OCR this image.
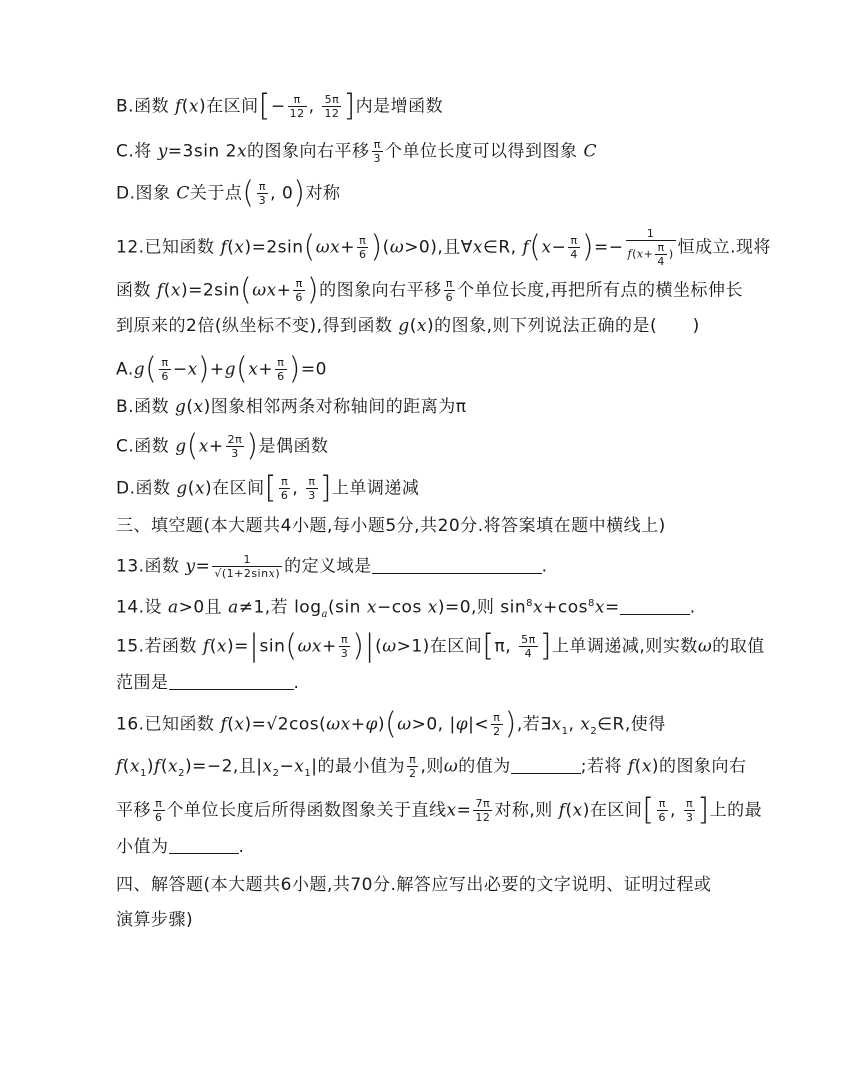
B.函数 f(x)在区间[− $\frac{\pi}{12}$ , $\frac{5\pi}{12}$ ]内是增函数
C.将 y=3sin 2x的图象向右平移 $\frac{\pi}{3}$ 个单位长度可以得到图象 C
D.图象 C关于点( $\frac{\pi}{3}$ , 0)对称
12.已知函数 $f(x)=2\sin(\omega x+ \frac{\pi}{6} )(\omega>0)$,且∀x∈R, $f(x- \frac{\pi}{4}$ )=− $\frac{1}{f(x+ \frac{\pi}{4} )}$ 恒成立.现将
函数 $f(x)=2\sin(\omega x+ \frac{\pi}{6}$ )的图象向右平移 $\frac{\pi}{6}$ 个单位长度,再把所有点的横坐标伸长
到原来的2倍(纵坐标不变),得到函数 g(x)的图象,则下列说法正确的是(      )
$A.g( \frac{\pi}{6} -x)+g(x+ \frac{\pi}{6} )=0$
B.函数 g(x)图象相邻两条对称轴间的距离为π
C.函数 $g(x+ \frac{2\pi}{3}$ )是偶函数
D.函数 g(x)在区间[ $\frac{\pi}{6}$ , $\frac{\pi}{3}$ ]上单调递减
三、填空题(本大题共4小题,每小题5分,共20分.将答案填在题中横线上)
13.函数 $y= \frac{1}{√(1+2\sin x)}$ 的定义域是	.
14.设 a>0且 a≠1,若 $\log_a(\sin$ x−cos x)=0,则 $\sin^8x+\cos^8x=$	.
15.若函数 $f(x)=|\sin(\omega x+ \frac{\pi}{3} )|(\omega>1)$在区间[π, $\frac{5\pi}{4}$ ]上单调递减,则实数ω的取值
范围是	.
16.已知函数 f(x)=√2cos(ωx+φ)(ω>0, $|\varphi|< \frac{\pi}{2}$ ),若$\exists x_1$, $x_2\in R$,使得
$f(x_1)f(x_2)=-2$,且$|x_2-x_1|$的最小值为 $\frac{\pi}{2}$ ,则ω的值为	;若将 f(x)的图象向右
平移 $\frac{\pi}{6}$ 个单位长度后所得函数图象关于直线$x= \frac{7\pi}{12}$ 对称,则 f(x)在区间[ $\frac{\pi}{6}$ , $\frac{\pi}{3}$ ]上的最
小值为	.
四、解答题(本大题共6小题,共70分.解答应写出必要的文字说明、证明过程或
演算步骤)
